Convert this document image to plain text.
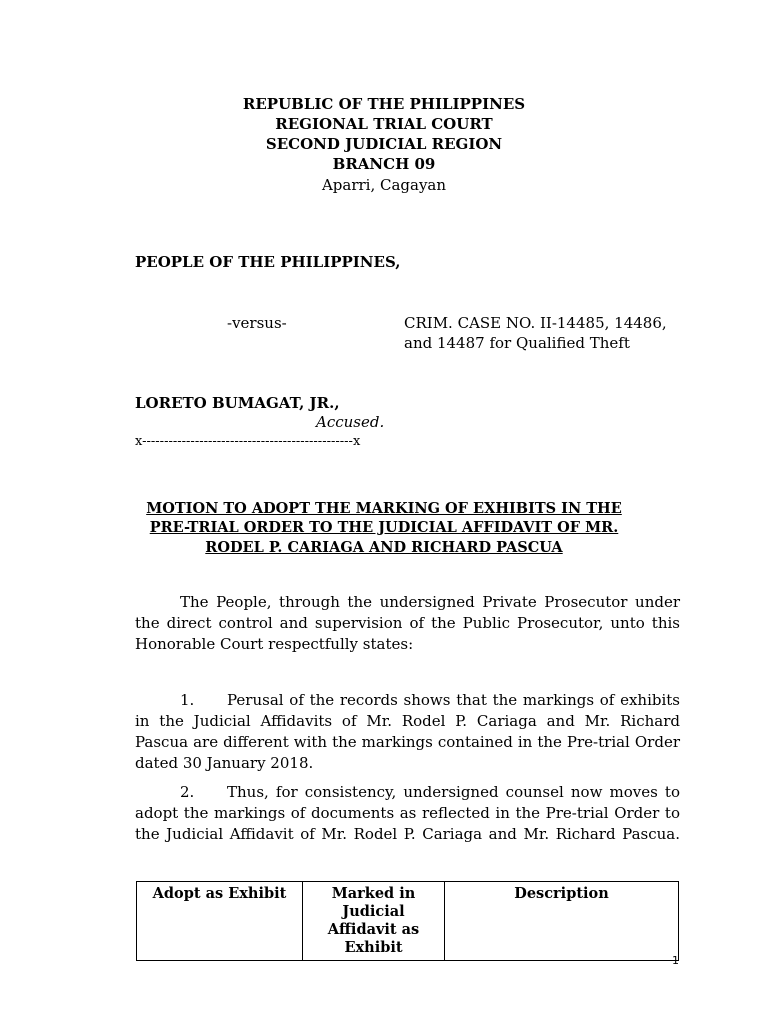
REPUBLIC OF THE PHILIPPINES
REGIONAL TRIAL COURT
SECOND JUDICIAL REGION
BRANCH 09
Aparri, Cagayan
PEOPLE OF THE PHILIPPINES,
-versus-	CRIM. CASE NO. II-14485, 14486,
and 14487 for Qualified Theft
LORETO BUMAGAT, JR.,
Accused.
x------------------------------------------------x
MOTION TO ADOPT THE MARKING OF EXHIBITS IN THE
PRE-TRIAL ORDER TO THE JUDICIAL AFFIDAVIT OF MR.
RODEL P. CARIAGA AND RICHARD PASCUA
The People, through the undersigned Private Prosecutor under
the direct control and supervision of the Public Prosecutor, unto this
Honorable Court respectfully states:
1.	Perusal of the records shows that the markings of exhibits
in the Judicial Affidavits of Mr. Rodel P. Cariaga and Mr. Richard
Pascua are different with the markings contained in the Pre-trial Order
dated 30 January 2018.
2.	Thus, for consistency, undersigned counsel now moves to
adopt the markings of documents as reflected in the Pre-trial Order to
the Judicial Affidavit of Mr. Rodel P. Cariaga and Mr. Richard Pascua.
Adopt as Exhibit	Marked in Judicial Affidavit as Exhibit	Description
1
